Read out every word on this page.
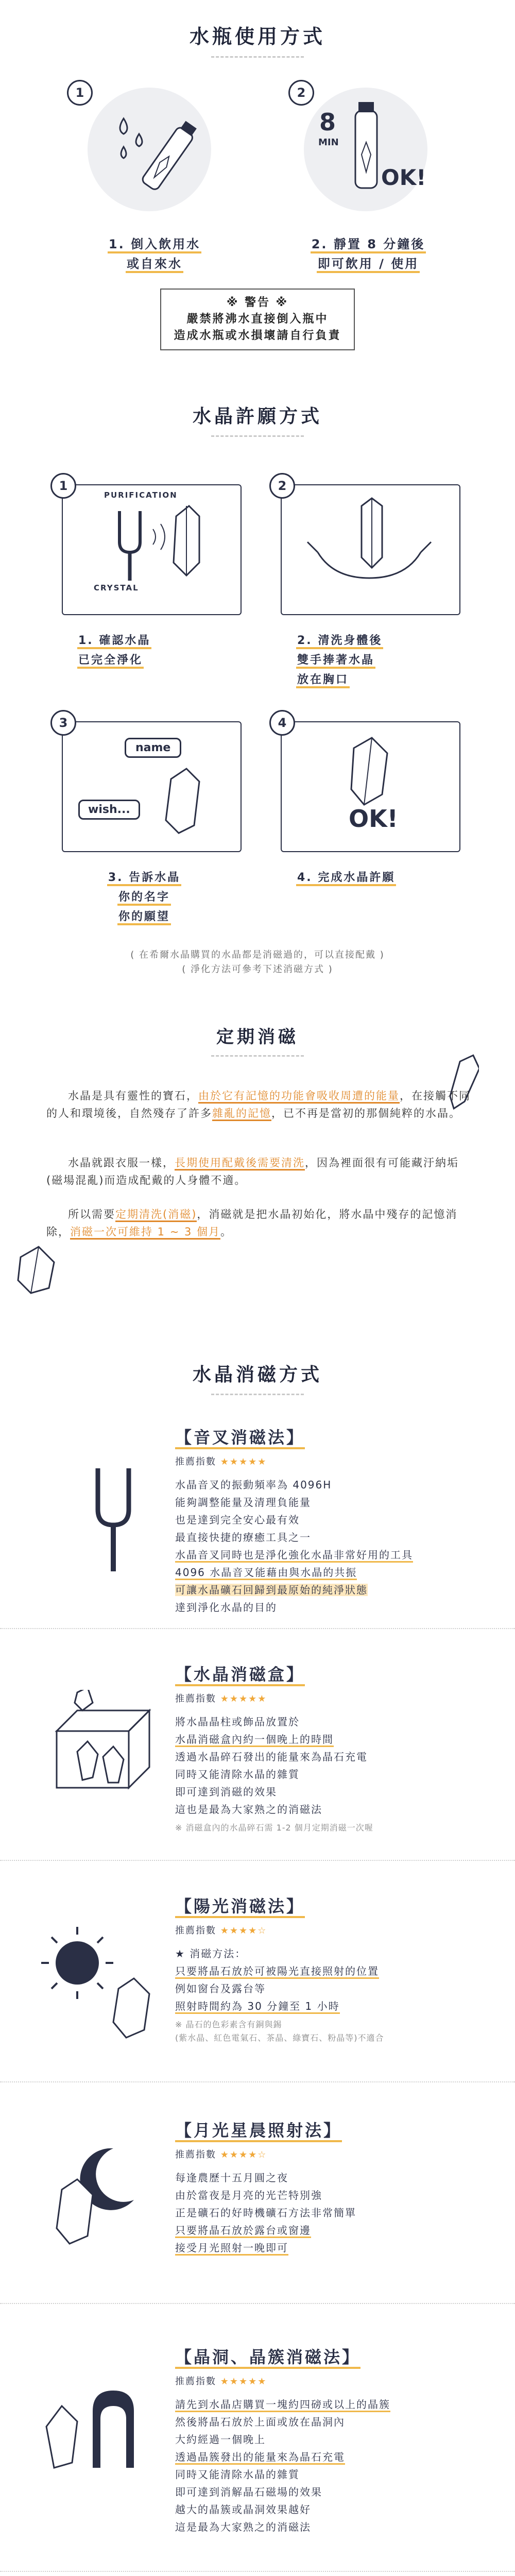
水瓶使用方式
1
1. 倒入飲用水
或自來水
2
8
MIN
OK!
2. 靜置 8 分鐘後
即可飲用 / 使用
※ 警告 ※
嚴禁將沸水直接倒入瓶中
造成水瓶或水損壞請自行負責
水晶許願方式
1
PURIFICATION
CRYSTAL
1. 確認水晶
已完全淨化
2
2. 清洗身體後
雙手捧著水晶
放在胸口
3
name
wish...
3. 告訴水晶
你的名字
你的願望
4
OK!
4. 完成水晶許願
( 在希爾水晶購買的水晶都是消磁過的，可以直接配戴 )
( 淨化方法可參考下述消磁方式 )
定期消磁
水晶是具有靈性的寶石，由於它有記憶的功能會吸收周遭的能量，在接觸不同的人和環境後，自然殘存了許多雜亂的記憶，已不再是當初的那個純粹的水晶。
水晶就跟衣服一樣，長期使用配戴後需要清洗，因為裡面很有可能藏汙納垢(磁場混亂)而造成配戴的人身體不適。
所以需要定期清洗(消磁)，消磁就是把水晶初始化，將水晶中殘存的記憶消除，消磁一次可維持 1 ~ 3 個月。
水晶消磁方式
【音叉消磁法】
推薦指數 ★★★★★
水晶音叉的振動頻率為 4096H
能夠調整能量及清理負能量
也是達到完全安心最有效
最直接快捷的療癒工具之一
水晶音叉同時也是淨化強化水晶非常好用的工具
4096 水晶音叉能藉由與水晶的共振
可讓水晶礦石回歸到最原始的純淨狀態
達到淨化水晶的目的
【水晶消磁盒】
推薦指數 ★★★★★
將水晶晶柱或飾品放置於
水晶消磁盒內約一個晚上的時間
透過水晶碎石發出的能量來為晶石充電
同時又能清除水晶的雜質
即可達到消磁的效果
這也是最為大家熟之的消磁法
※ 消磁盒內的水晶碎石需 1-2 個月定期消磁一次喔
【陽光消磁法】
推薦指數 ★★★★☆
★ 消磁方法：
只要將晶石放於可被陽光直接照射的位置
例如窗台及露台等
照射時間約為 30 分鐘至 1 小時
※ 晶石的色彩素含有銅與錫
(紫水晶、紅色電氣石、茶晶、綠寶石、粉晶等)不適合
【月光星晨照射法】
推薦指數 ★★★★☆
每逢農歷十五月圓之夜
由於當夜是月亮的光芒特別強
正是礦石的好時機礦石方法非常簡單
只要將晶石放於露台或窗邊
接受月光照射一晚即可
【晶洞、晶簇消磁法】
推薦指數 ★★★★★
請先到水晶店購買一塊約四磅或以上的晶簇
然後將晶石放於上面或放在晶洞內
大約經過一個晚上
透過晶簇發出的能量來為晶石充電
同時又能清除水晶的雜質
即可達到消解晶石磁場的效果
越大的晶簇或晶洞效果越好
這是最為大家熟之的消磁法
